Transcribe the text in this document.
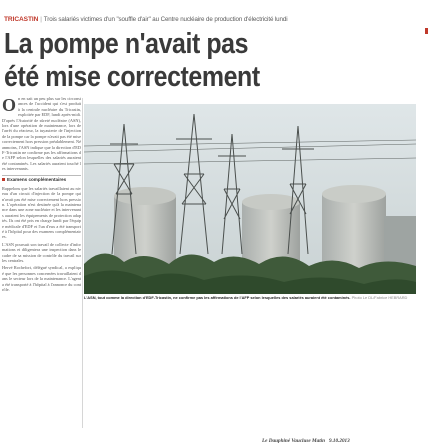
TRICASTIN | Trois salariés victimes d'un "souffle d'air" au Centre nucléaire de production d'électricité lundi
La pompe n'avait pas
été mise correctement
O n en sait un peu plus sur les circonstances de l'accident qui s'est produit à la centrale nucléaire du Tricastin, exploitée par EDF, lundi après-midi. D'après l'Autorité de sûreté nucléaire (ASN), lors d'une opération de maintenance, lors de l'arrêt du réacteur, la tuyauterie de l'injection de la pompe car la pompe n'avait pas été mise correctement hors pression préalablement. Néanmoins, l'ASN indique que la direction d'EDF-Tricastin ne confirme pas les affirmations de l'AFP selon lesquelles des salariés auraient été contaminés. Les salariés auraient touché les intervenants.

Examens complémentaires

Rappelons que les salariés travaillaient au niveau d'un circuit d'injection de la pompe qui n'avait pas été mise correctement hors pression. L'opération n'est destinée qu'à la maintenance dans une zone nucléaire et les intervenants auraient les équipements de protection adaptés. Ils ont été pris en charge lundi par l'équipe médicale d'EDF et l'un d'eux a été transporté à l'hôpital pour des examens complémentaires.

L'ASN poursuit son travail de collecte d'informations et diligentera une inspection dans le cadre de sa mission de contrôle du travail sur les centrales.

Hervé Rochefort, délégué syndical, a expliqué que les personnes concernées travaillaient dans le secteur lors de la maintenance. L'agent a été transporté à l'hôpital à l'annonce du contrôle.

L'ASN, tout comme la direction d'EDF-Tricastin, ne confirme pas les affirmations de l'AFP selon lesquelles des salariés auraient été contaminés. Photo Le DL/Fabrice HEBRARD
Le Dauphiné Vaucluse Matin 9.10.2013
